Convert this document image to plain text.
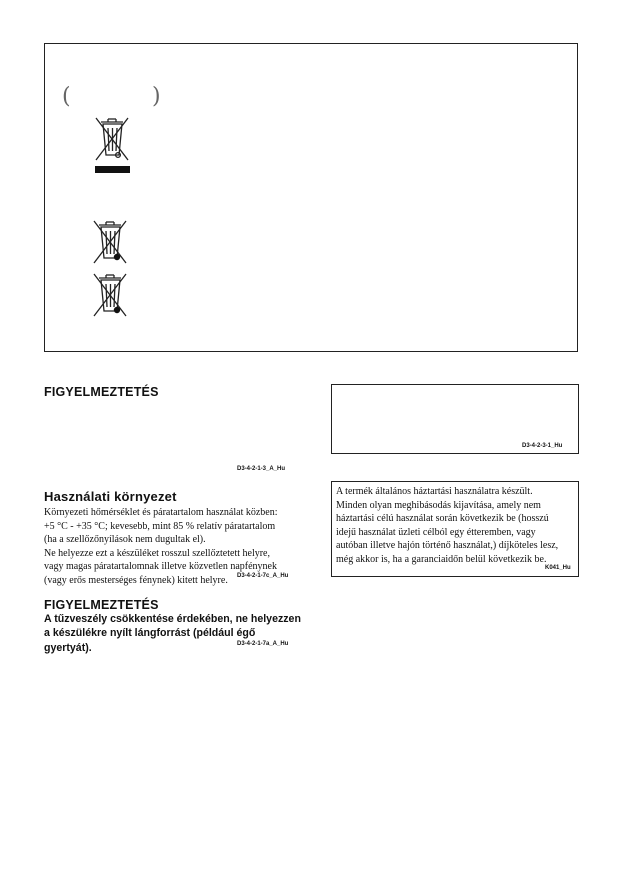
(	)
FIGYELMEZTETÉS
D3-4-2-1-3_A_Hu
Használati környezet
Környezeti hőmérséklet és páratartalom használat közben:
+5 °C - +35 °C; kevesebb, mint 85 % relatív páratartalom
(ha a szellőzőnyílások nem dugultak el).
Ne helyezze ezt a készüléket rosszul szellőztetett helyre,
vagy magas páratartalomnak illetve közvetlen napfénynek
(vagy erős mesterséges fénynek) kitett helyre.	D3-4-2-1-7c_A_Hu
FIGYELMEZTETÉS
A tűzveszély csökkentése érdekében, ne helyezzen
a készülékre nyílt lángforrást (például égő
gyertyát).	D3-4-2-1-7a_A_Hu
D3-4-2-3-1_Hu
A termék általános háztartási használatra készült.
Minden olyan meghibásodás kijavítása, amely nem
háztartási célú használat során következik be (hosszú
idejű használat üzleti célból egy étteremben, vagy
autóban illetve hajón történő használat,) díjköteles lesz,
még akkor is, ha a garanciaidőn belül következik be.
K041_Hu
